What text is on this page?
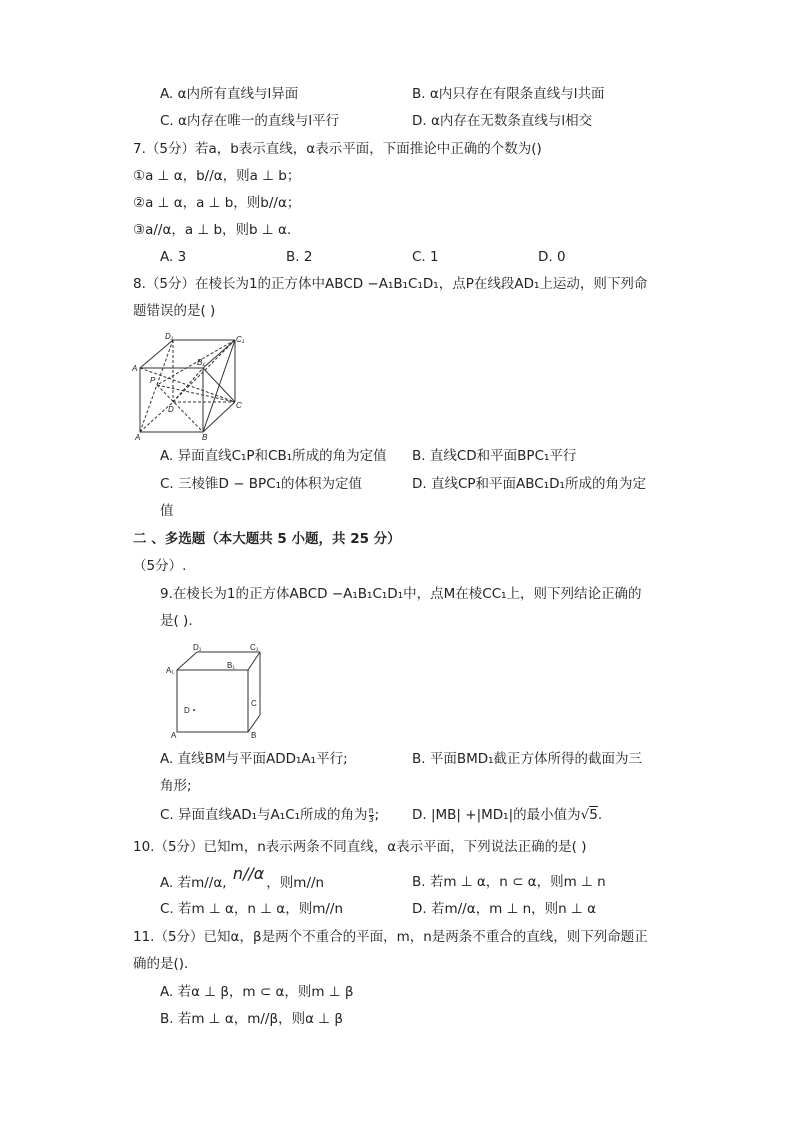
A. α内所有直线与l异面	B. α内只存在有限条直线与l共面
C. α内存在唯一的直线与l平行	D. α内存在无数条直线与l相交
7.（5分）若a，b表示直线，α表示平面，下面推论中正确的个数为()
①a ⊥ α，b//α，则a ⊥ b；
②a ⊥ α，a ⊥ b，则b//α；
③a//α，a ⊥ b，则b ⊥ α.
A. 3	B. 2	C. 1	D. 0
8.（5分）在棱长为1的正方体中ABCD −A₁B₁C₁D₁，点P在线段AD₁上运动，则下列命
题错误的是( )
D₁	C₁
B₁
A
P
D	C
A	B
A. 异面直线C₁P和CB₁所成的角为定值 B. 直线CD和平面BPC₁平行
C. 三棱锥D − BPC₁的体积为定值	D. 直线CP和平面ABC₁D₁所成的角为定
值
二 、多选题（本大题共 5 小题，共 25 分）
（5分）.
9.在棱长为1的正方体ABCD −A₁B₁C₁D₁中，点M在棱CC₁上，则下列结论正确的
是( ).
D₁	C₁
A₁
B₁
D
C
A	B
A. 直线BM与平面ADD₁A₁平行;	B. 平面BMD₁截正方体所得的截面为三
角形;
C. 异面直线AD₁与A₁C₁所成的角为 $\frac{\pi}{3}$ ; D. |MB| +|MD₁|的最小值为√5.
10.（5分）已知m，n表示两条不同直线，α表示平面，下列说法正确的是( )
A. 若m//α, n//α ，则m//n	B. 若m ⊥ α，n ⊂ α，则m ⊥ n
C. 若m ⊥ α，n ⊥ α，则m//n	D. 若m//α，m ⊥ n，则n ⊥ α
11.（5分）已知α，β是两个不重合的平面，m，n是两条不重合的直线，则下列命题正
确的是().
A. 若α ⊥ β，m ⊂ α，则m ⊥ β
B. 若m ⊥ α，m//β，则α ⊥ β
